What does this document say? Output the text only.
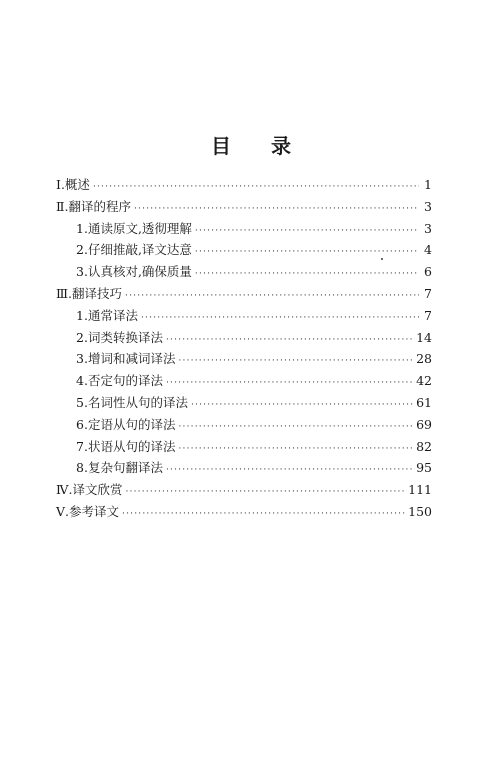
目 录
Ⅰ. 概述 ·····	1
Ⅱ. 翻译的程序 ·····	3
1. 通读原文,透彻理解 ·····	3
2. 仔细推敲,译文达意 ·····	4
3. 认真核对,确保质量 ·····	6
Ⅲ. 翻译技巧 ·····	7
1. 通常译法 ·····	7
2. 词类转换译法 ·····	14
3. 增词和减词译法 ·····	28
4. 否定句的译法 ·····	42
5. 名词性从句的译法 ·····	61
6. 定语从句的译法 ·····	69
7. 状语从句的译法 ·····	82
8. 复杂句翻译法 ·····	95
Ⅳ. 译文欣赏 ·····	111
Ⅴ. 参考译文 ·····	150
